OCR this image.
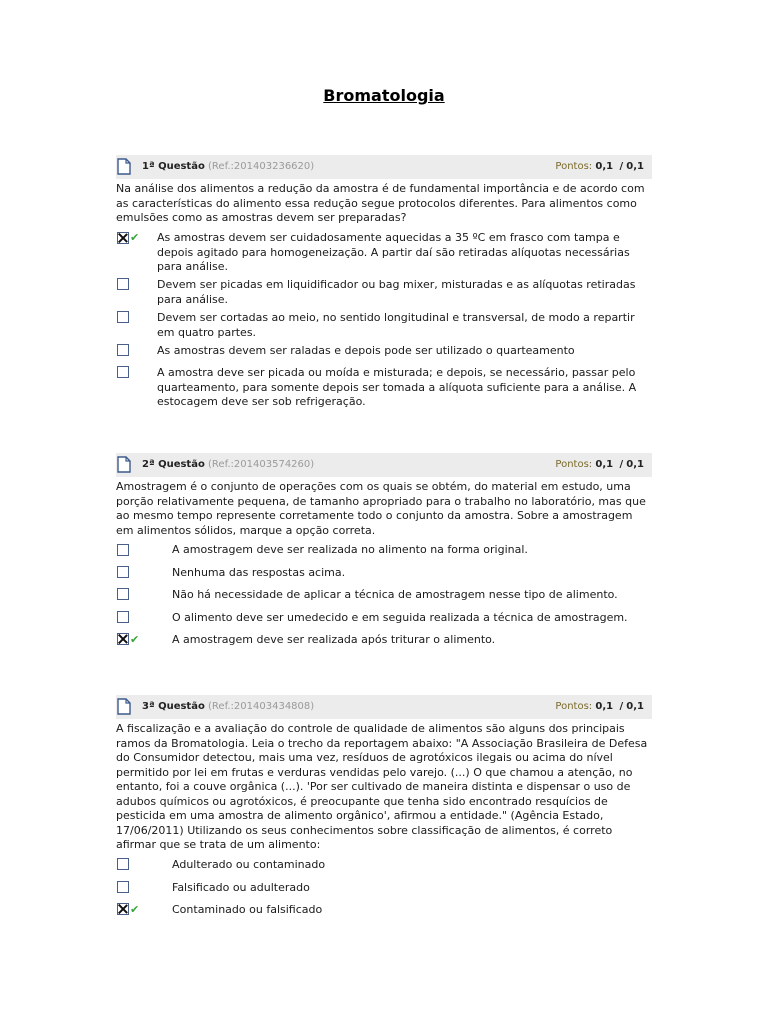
Bromatologia
1ª Questão (Ref.:201403236620)	Pontos: 0,1 / 0,1
Na análise dos alimentos a redução da amostra é de fundamental importância e de acordo com as características do alimento essa redução segue protocolos diferentes. Para alimentos como emulsões como as amostras devem ser preparadas?
✔ As amostras devem ser cuidadosamente aquecidas a 35 ºC em frasco com tampa e depois agitado para homogeneização. A partir daí são retiradas alíquotas necessárias para análise.
Devem ser picadas em liquidificador ou bag mixer, misturadas e as alíquotas retiradas para análise.
Devem ser cortadas ao meio, no sentido longitudinal e transversal, de modo a repartir em quatro partes.
As amostras devem ser raladas e depois pode ser utilizado o quarteamento
A amostra deve ser picada ou moída e misturada; e depois, se necessário, passar pelo quarteamento, para somente depois ser tomada a alíquota suficiente para a análise. A estocagem deve ser sob refrigeração.
2ª Questão (Ref.:201403574260)	Pontos: 0,1 / 0,1
Amostragem é o conjunto de operações com os quais se obtém, do material em estudo, uma porção relativamente pequena, de tamanho apropriado para o trabalho no laboratório, mas que ao mesmo tempo represente corretamente todo o conjunto da amostra. Sobre a amostragem em alimentos sólidos, marque a opção correta.
A amostragem deve ser realizada no alimento na forma original.
Nenhuma das respostas acima.
Não há necessidade de aplicar a técnica de amostragem nesse tipo de alimento.
O alimento deve ser umedecido e em seguida realizada a técnica de amostragem.
✔	A amostragem deve ser realizada após triturar o alimento.
3ª Questão (Ref.:201403434808)	Pontos: 0,1 / 0,1
A fiscalização e a avaliação do controle de qualidade de alimentos são alguns dos principais ramos da Bromatologia. Leia o trecho da reportagem abaixo: "A Associação Brasileira de Defesa do Consumidor detectou, mais uma vez, resíduos de agrotóxicos ilegais ou acima do nível permitido por lei em frutas e verduras vendidas pelo varejo. (...) O que chamou a atenção, no entanto, foi a couve orgânica (...). 'Por ser cultivado de maneira distinta e dispensar o uso de adubos químicos ou agrotóxicos, é preocupante que tenha sido encontrado resquícios de pesticida em uma amostra de alimento orgânico', afirmou a entidade." (Agência Estado, 17/06/2011) Utilizando os seus conhecimentos sobre classificação de alimentos, é correto afirmar que se trata de um alimento:
Adulterado ou contaminado
Falsificado ou adulterado
✔	Contaminado ou falsificado
